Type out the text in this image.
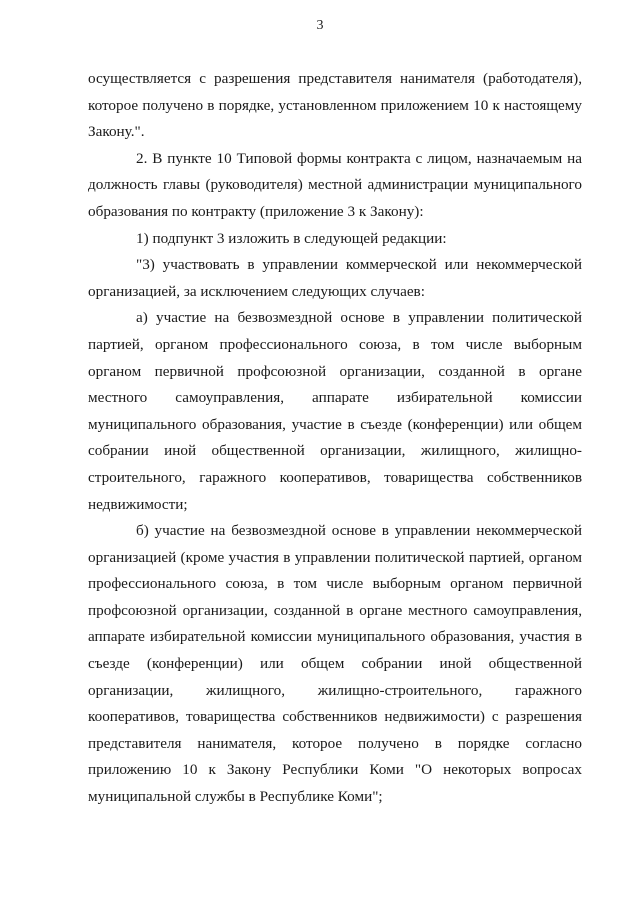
3

осуществляется с разрешения представителя нанимателя (работодателя), которое получено в порядке, установленном приложением 10 к настоящему Закону.".

2. В пункте 10 Типовой формы контракта с лицом, назначаемым на должность главы (руководителя) местной администрации муниципального образования по контракту (приложение 3 к Закону):

1) подпункт 3 изложить в следующей редакции:

"3) участвовать в управлении коммерческой или некоммерческой организацией, за исключением следующих случаев:

а) участие на безвозмездной основе в управлении политической партией, органом профессионального союза, в том числе выборным органом первичной профсоюзной организации, созданной в органе местного самоуправления, аппарате избирательной комиссии муниципального образования, участие в съезде (конференции) или общем собрании иной общественной организации, жилищного, жилищно-строительного, гаражного кооперативов, товарищества собственников недвижимости;

б) участие на безвозмездной основе в управлении некоммерческой организацией (кроме участия в управлении политической партией, органом профессионального союза, в том числе выборным органом первичной профсоюзной организации, созданной в органе местного самоуправления, аппарате избирательной комиссии муниципального образования, участия в съезде (конференции) или общем собрании иной общественной организации, жилищного, жилищно-строительного, гаражного кооперативов, товарищества собственников недвижимости) с разрешения представителя нанимателя, которое получено в порядке согласно приложению 10 к Закону Республики Коми "О некоторых вопросах муниципальной службы в Республике Коми";
